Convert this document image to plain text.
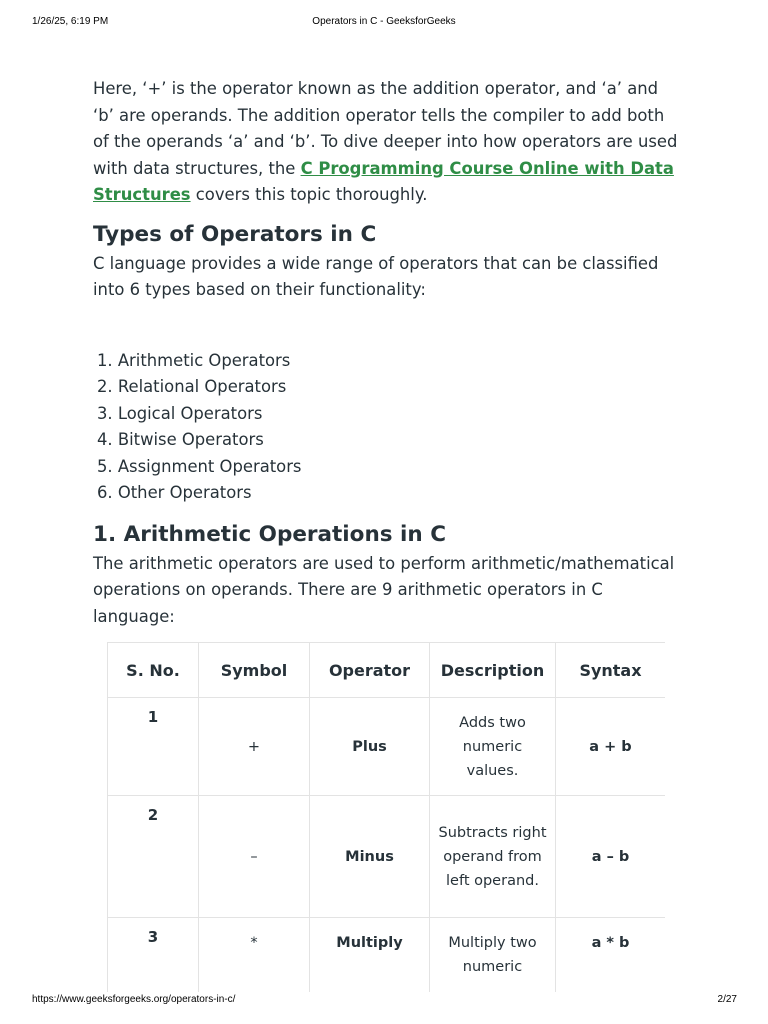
1/26/25, 6:19 PM	Operators in C - GeeksforGeeks

Here, ‘+’ is the operator known as the addition operator, and ‘a’ and ‘b’ are operands. The addition operator tells the compiler to add both of the operands ‘a’ and ‘b’. To dive deeper into how operators are used with data structures, the C Programming Course Online with Data Structures covers this topic thoroughly.

Types of Operators in C

C language provides a wide range of operators that can be classified into 6 types based on their functionality:

1. Arithmetic Operators
2. Relational Operators
3. Logical Operators
4. Bitwise Operators
5. Assignment Operators
6. Other Operators
1. Arithmetic Operations in C

The arithmetic operators are used to perform arithmetic/mathematical operations on operands. There are 9 arithmetic operators in C language:

S. No.	Symbol	Operator	Description	Syntax
1	+	Plus	Adds two numeric values.	a + b
2	–	Minus	Subtracts right operand from left operand.	a – b
3	*	Multiply	Multiply two numeric	a * b
https://www.geeksforgeeks.org/operators-in-c/	2/27
